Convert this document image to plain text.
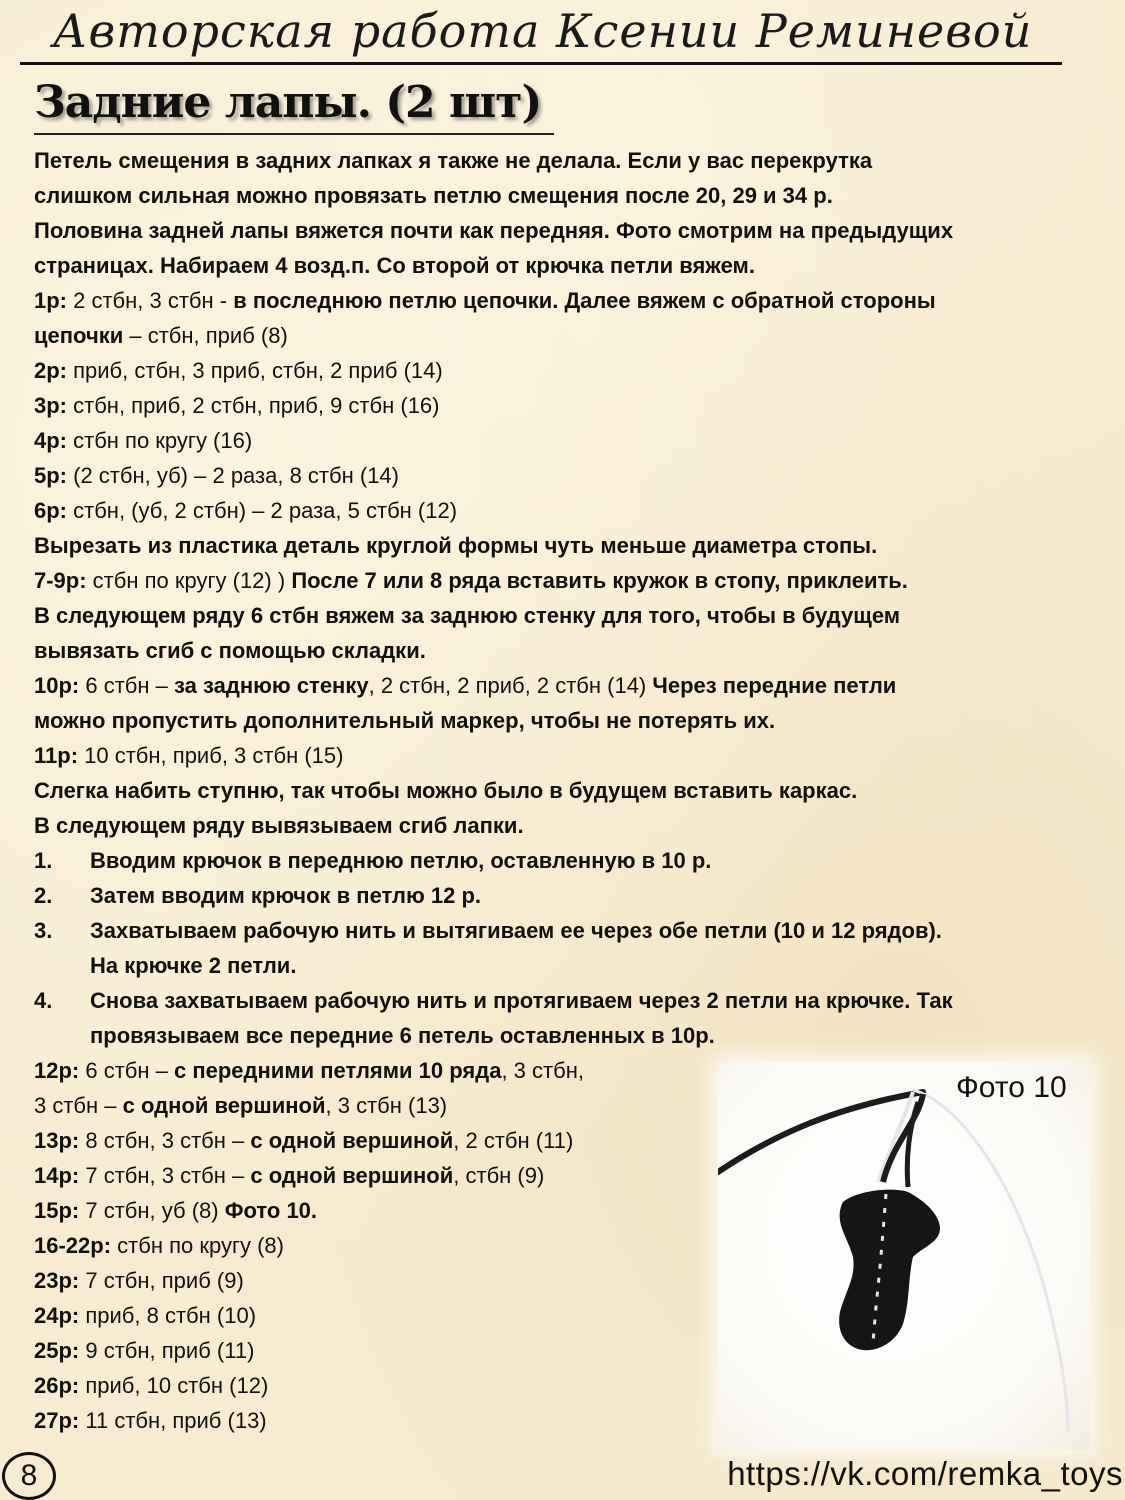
Авторская работа Ксении Реминевой
Задние лапы. (2 шт)

Петель смещения в задних лапках я также не делала. Если у вас перекрутка

слишком сильная можно провязать петлю смещения после 20, 29 и 34 р.

Половина задней лапы вяжется почти как передняя. Фото смотрим на предыдущих

страницах. Набираем 4 возд.п. Со второй от крючка петли вяжем.

1р: 2 стбн, 3 стбн - в последнюю петлю цепочки. Далее вяжем с обратной стороны

цепочки – стбн, приб (8)

2р: приб, стбн, 3 приб, стбн, 2 приб (14)

3р: стбн, приб, 2 стбн, приб, 9 стбн (16)

4р: стбн по кругу (16)

5р: (2 стбн, уб) – 2 раза, 8 стбн (14)

6р: стбн, (уб, 2 стбн) – 2 раза, 5 стбн (12)

Вырезать из пластика деталь круглой формы чуть меньше диаметра стопы.

7-9р: стбн по кругу (12) ) После 7 или 8 ряда вставить кружок в стопу, приклеить.

В следующем ряду 6 стбн вяжем за заднюю стенку для того, чтобы в будущем

вывязать сгиб с помощью складки.

10р: 6 стбн – за заднюю стенку, 2 стбн, 2 приб, 2 стбн (14) Через передние петли

можно пропустить дополнительный маркер, чтобы не потерять их.

11р: 10 стбн, приб, 3 стбн (15)

Слегка набить ступню, так чтобы можно было в будущем вставить каркас.

В следующем ряду вывязываем сгиб лапки.

1.	Вводим крючок в переднюю петлю, оставленную в 10 р.
2.	Затем вводим крючок в петлю 12 р.
3.	Захватываем рабочую нить и вытягиваем ее через обе петли (10 и 12 рядов).
На крючке 2 петли.
4.	Снова захватываем рабочую нить и протягиваем через 2 петли на крючке. Так
провязываем все передние 6 петель оставленных в 10р.

12р: 6 стбн – с передними петлями 10 ряда, 3 стбн,

3 стбн – с одной вершиной, 3 стбн (13)

13р: 8 стбн, 3 стбн – с одной вершиной, 2 стбн (11)

14р: 7 стбн, 3 стбн – с одной вершиной, стбн (9)

15р: 7 стбн, уб (8) Фото 10.

16-22р: стбн по кругу (8)

23р: 7 стбн, приб (9)

24р: приб, 8 стбн (10)

25р: 9 стбн, приб (11)

26р: приб, 10 стбн (12)

27р: 11 стбн, приб (13)

Фото 10
8	https://vk.com/remka_toys
